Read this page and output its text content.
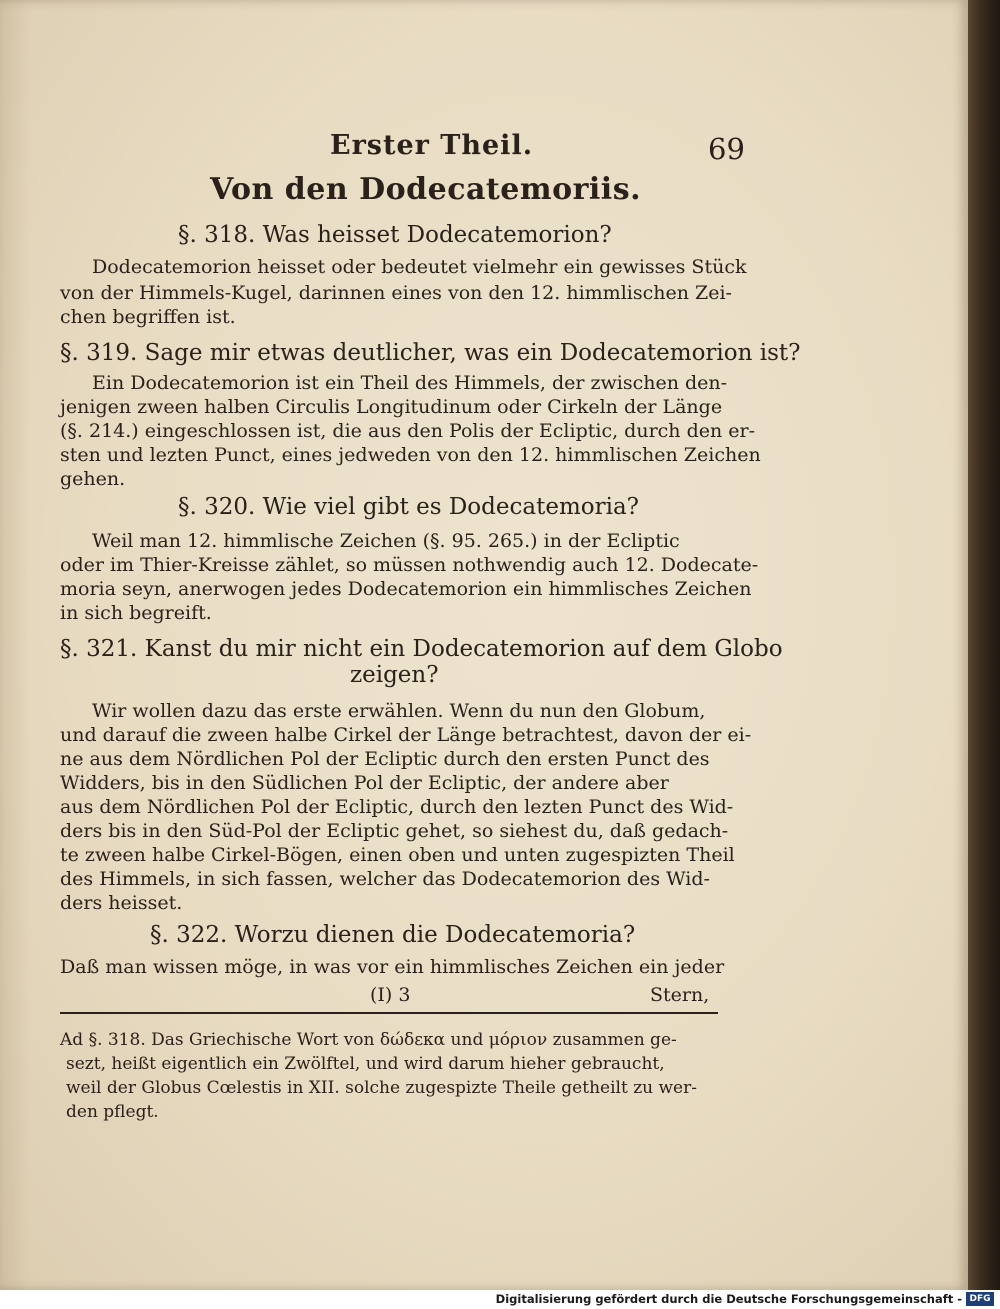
Erster Theil.	69
Von den Dodecatemoriis.
§. 318. Was heisset Dodecatemorion?
Dodecatemorion heisset oder bedeutet vielmehr ein gewisses Stück
von der Himmels-Kugel, darinnen eines von den 12. himmlischen Zei-
chen begriffen ist.
§. 319. Sage mir etwas deutlicher, was ein Dodecatemorion ist?
Ein Dodecatemorion ist ein Theil des Himmels, der zwischen den-
jenigen zween halben Circulis Longitudinum oder Cirkeln der Länge
(§. 214.) eingeschlossen ist, die aus den Polis der Ecliptic, durch den er-
sten und lezten Punct, eines jedweden von den 12. himmlischen Zeichen
gehen.
§. 320. Wie viel gibt es Dodecatemoria?
Weil man 12. himmlische Zeichen (§. 95. 265.) in der Ecliptic
oder im Thier-Kreisse zählet, so müssen nothwendig auch 12. Dodecate-
moria seyn, anerwogen jedes Dodecatemorion ein himmlisches Zeichen
in sich begreift.
§. 321. Kanst du mir nicht ein Dodecatemorion auf dem Globo
zeigen?
Wir wollen dazu das erste erwählen. Wenn du nun den Globum,
und darauf die zween halbe Cirkel der Länge betrachtest, davon der ei-
ne aus dem Nördlichen Pol der Ecliptic durch den ersten Punct des
Widders, bis in den Südlichen Pol der Ecliptic, der andere aber
aus dem Nördlichen Pol der Ecliptic, durch den lezten Punct des Wid-
ders bis in den Süd-Pol der Ecliptic gehet, so siehest du, daß gedach-
te zween halbe Cirkel-Bögen, einen oben und unten zugespizten Theil
des Himmels, in sich fassen, welcher das Dodecatemorion des Wid-
ders heisset.
§. 322. Worzu dienen die Dodecatemoria?
Daß man wissen möge, in was vor ein himmlisches Zeichen ein jeder
(I) 3	Stern,
Ad §. 318. Das Griechische Wort von δώδεκα und μόριον zusammen ge-
sezt, heißt eigentlich ein Zwölftel, und wird darum hieher gebraucht,
weil der Globus Cœlestis in XII. solche zugespizte Theile getheilt zu wer-
den pflegt.
Digitalisierung gefördert durch die Deutsche Forschungsgemeinschaft - DFG
